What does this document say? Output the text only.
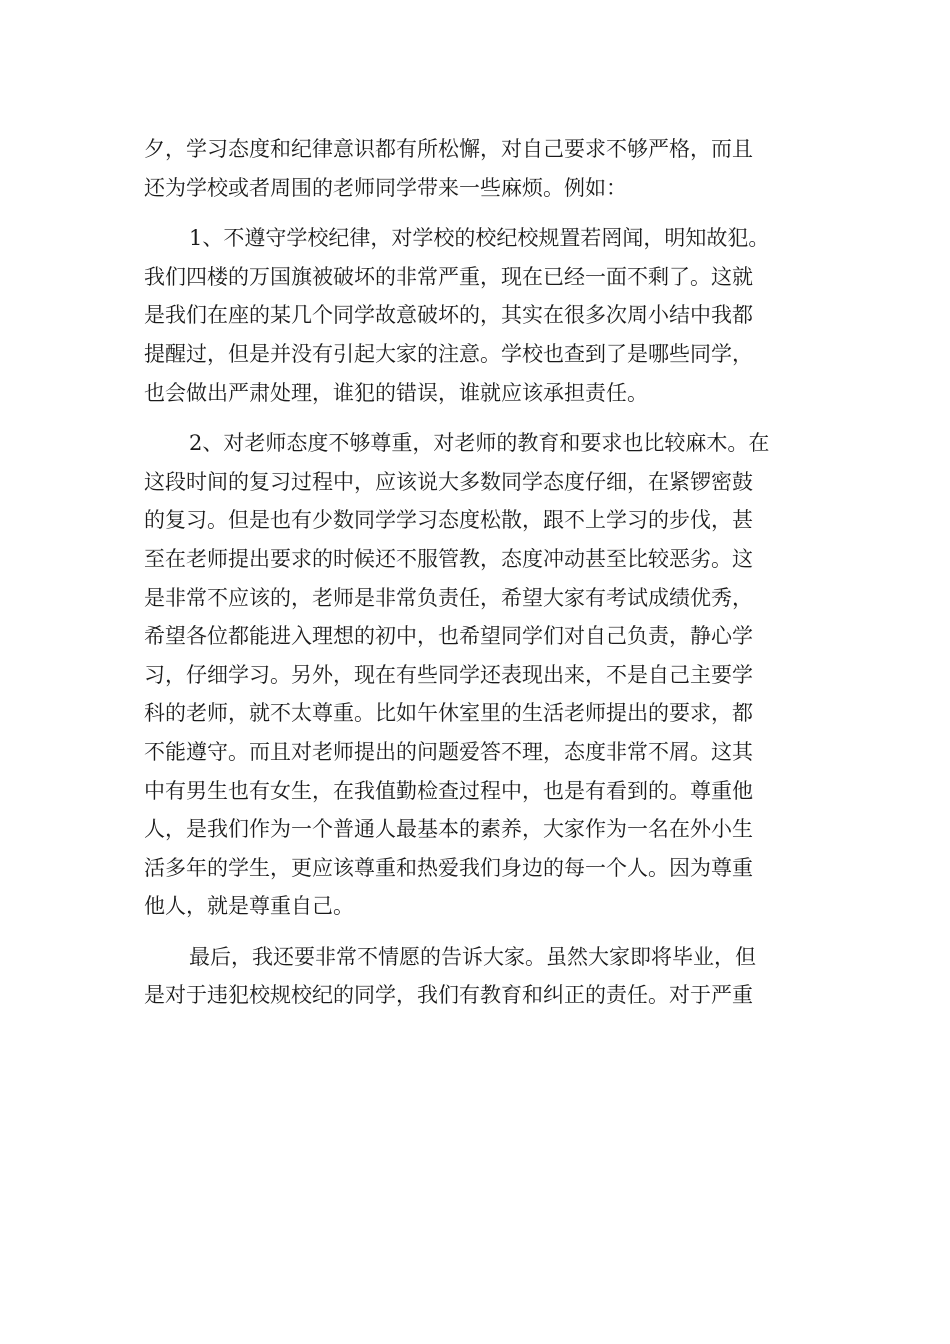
夕，学习态度和纪律意识都有所松懈，对自己要求不够严格，而且
还为学校或者周围的老师同学带来一些麻烦。例如：
1、不遵守学校纪律，对学校的校纪校规置若罔闻，明知故犯。
我们四楼的万国旗被破坏的非常严重，现在已经一面不剩了。这就
是我们在座的某几个同学故意破坏的，其实在很多次周小结中我都
提醒过，但是并没有引起大家的注意。学校也查到了是哪些同学，
也会做出严肃处理，谁犯的错误，谁就应该承担责任。
2、对老师态度不够尊重，对老师的教育和要求也比较麻木。在
这段时间的复习过程中，应该说大多数同学态度仔细，在紧锣密鼓
的复习。但是也有少数同学学习态度松散，跟不上学习的步伐，甚
至在老师提出要求的时候还不服管教，态度冲动甚至比较恶劣。这
是非常不应该的，老师是非常负责任，希望大家有考试成绩优秀，
希望各位都能进入理想的初中，也希望同学们对自己负责，静心学
习，仔细学习。另外，现在有些同学还表现出来，不是自己主要学
科的老师，就不太尊重。比如午休室里的生活老师提出的要求，都
不能遵守。而且对老师提出的问题爱答不理，态度非常不屑。这其
中有男生也有女生，在我值勤检查过程中，也是有看到的。尊重他
人，是我们作为一个普通人最基本的素养，大家作为一名在外小生
活多年的学生，更应该尊重和热爱我们身边的每一个人。因为尊重
他人，就是尊重自己。
最后，我还要非常不情愿的告诉大家。虽然大家即将毕业，但
是对于违犯校规校纪的同学，我们有教育和纠正的责任。对于严重
